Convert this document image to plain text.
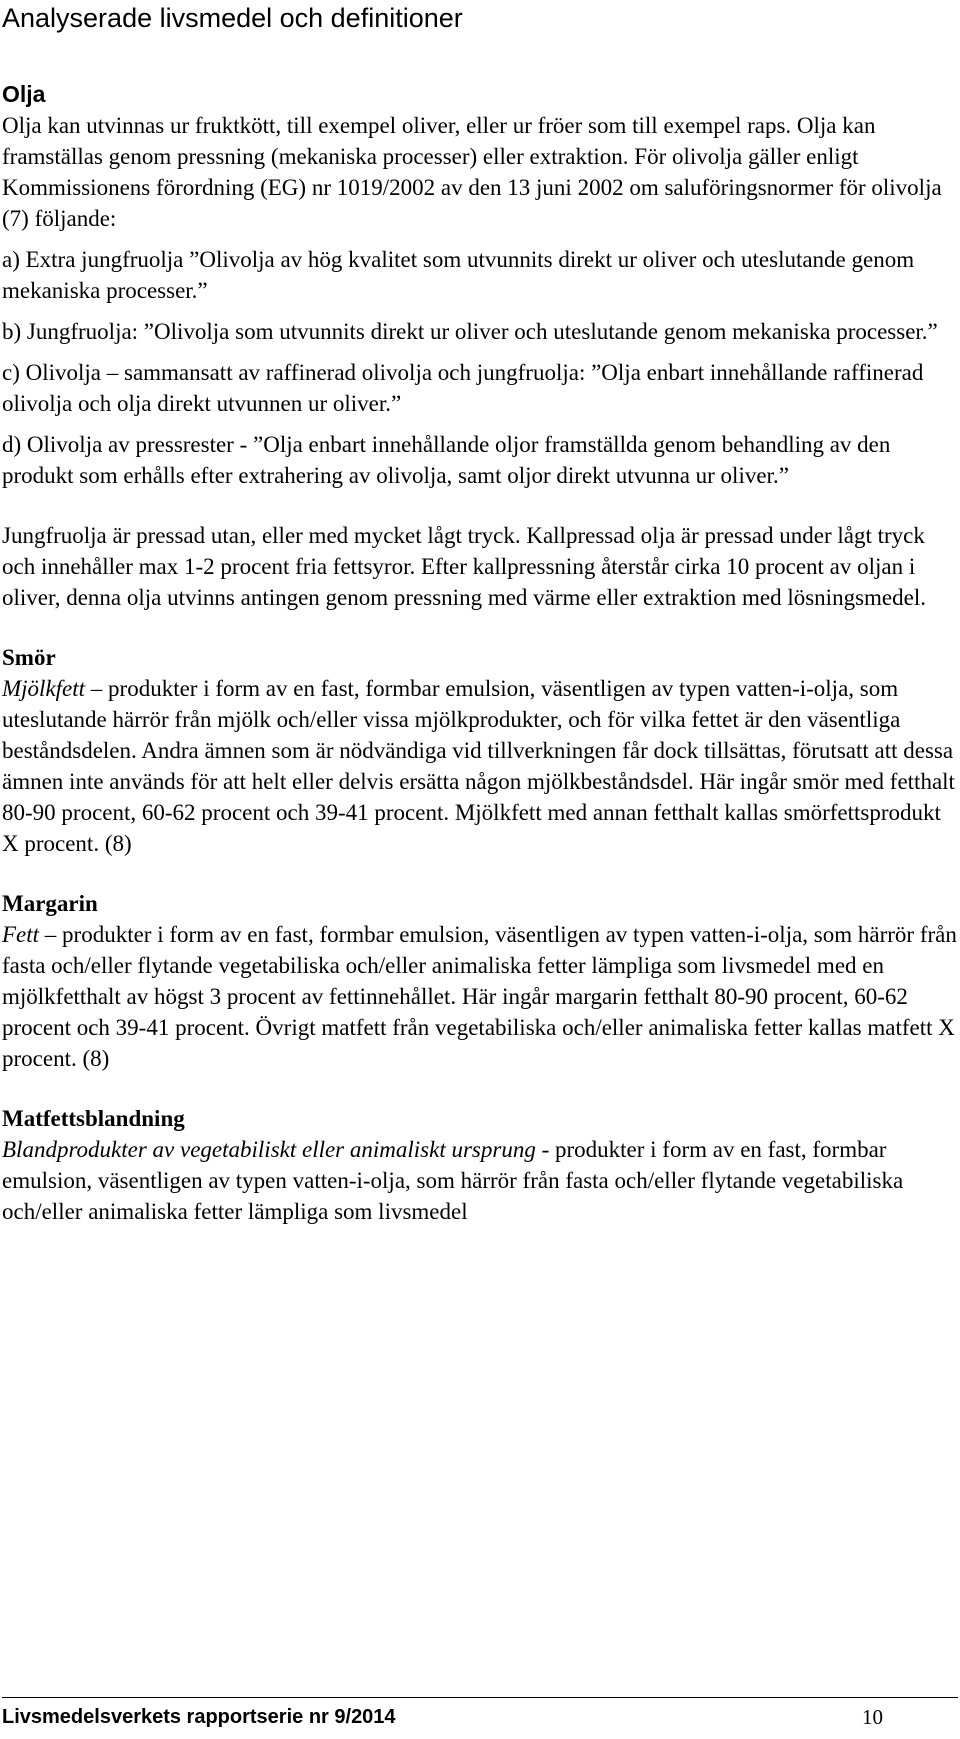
Analyserade livsmedel och definitioner
Olja

Olja kan utvinnas ur fruktkött, till exempel oliver, eller ur fröer som till exempel raps. Olja kan framställas genom pressning (mekaniska processer) eller extraktion. För olivolja gäller enligt Kommissionens förordning (EG) nr 1019/2002 av den 13 juni 2002 om saluföringsnormer för olivolja (7) följande:

a) Extra jungfruolja ”Olivolja av hög kvalitet som utvunnits direkt ur oliver och uteslutande genom mekaniska processer.”

b) Jungfruolja: ”Olivolja som utvunnits direkt ur oliver och uteslutande genom mekaniska processer.”

c) Olivolja – sammansatt av raffinerad olivolja och jungfruolja: ”Olja enbart innehållande raffinerad olivolja och olja direkt utvunnen ur oliver.”

d) Olivolja av pressrester - ”Olja enbart innehållande oljor framställda genom behandling av den produkt som erhålls efter extrahering av olivolja, samt oljor direkt utvunna ur oliver.”

Jungfruolja är pressad utan, eller med mycket lågt tryck. Kallpressad olja är pressad under lågt tryck och innehåller max 1-2 procent fria fettsyror. Efter kallpressning återstår cirka 10 procent av oljan i oliver, denna olja utvinns antingen genom pressning med värme eller extraktion med lösningsmedel.

Smör

Mjölkfett – produkter i form av en fast, formbar emulsion, väsentligen av typen vatten-i-olja, som uteslutande härrör från mjölk och/eller vissa mjölkprodukter, och för vilka fettet är den väsentliga beståndsdelen. Andra ämnen som är nödvändiga vid tillverkningen får dock tillsättas, förutsatt att dessa ämnen inte används för att helt eller delvis ersätta någon mjölkbeståndsdel. Här ingår smör med fetthalt 80-90 procent, 60-62 procent och 39-41 procent. Mjölkfett med annan fetthalt kallas smörfettsprodukt X procent. (8)

Margarin

Fett – produkter i form av en fast, formbar emulsion, väsentligen av typen vatten-i-olja, som härrör från fasta och/eller flytande vegetabiliska och/eller animaliska fetter lämpliga som livsmedel med en mjölkfetthalt av högst 3 procent av fettinnehållet. Här ingår margarin fetthalt 80-90 procent, 60-62 procent och 39-41 procent. Övrigt matfett från vegetabiliska och/eller animaliska fetter kallas matfett X procent. (8)

Matfettsblandning

Blandprodukter av vegetabiliskt eller animaliskt ursprung - produkter i form av en fast, formbar emulsion, väsentligen av typen vatten-i-olja, som härrör från fasta och/eller flytande vegetabiliska och/eller animaliska fetter lämpliga som livsmedel

Livsmedelsverkets rapportserie nr 9/2014	10
